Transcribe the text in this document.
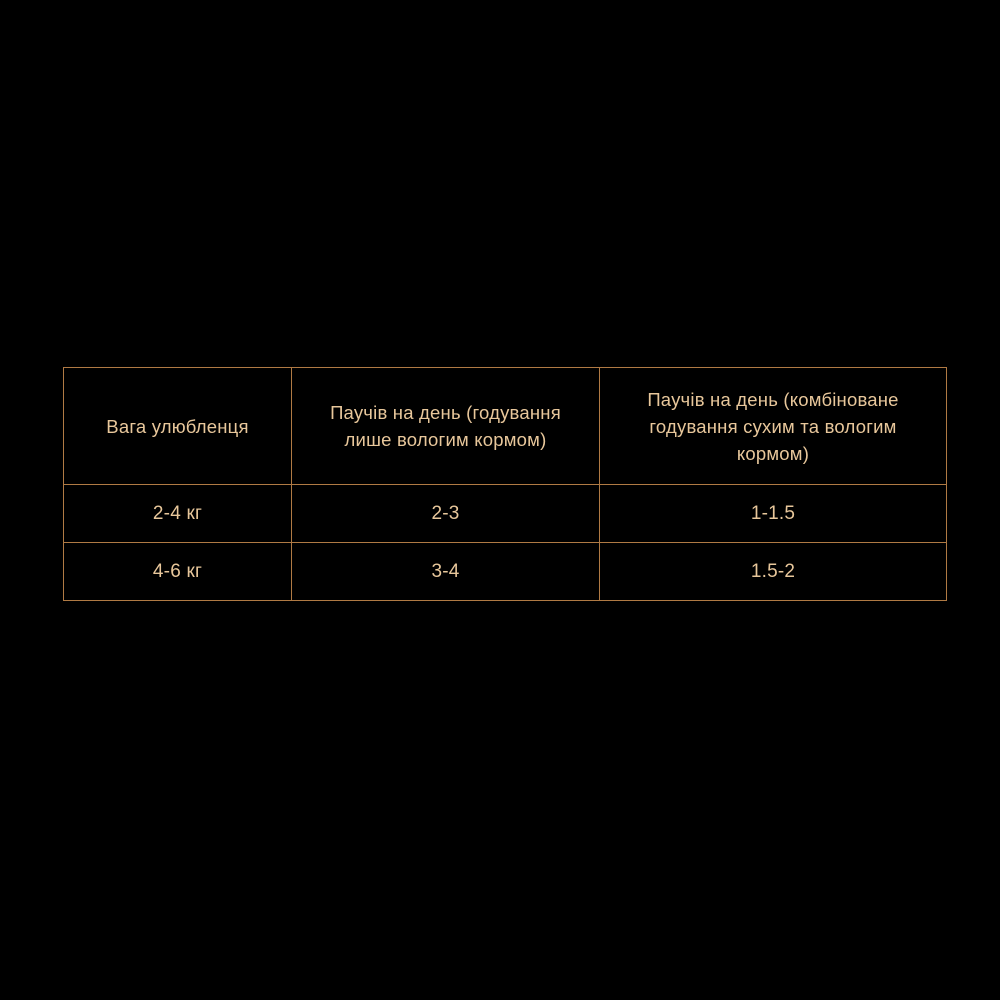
Вага улюбленця	Паучів на день (годування лише вологим кормом)	Паучів на день (комбіноване годування сухим та вологим кормом)

2-4 кг	2-3	1-1.5
4-6 кг	3-4	1.5-2
